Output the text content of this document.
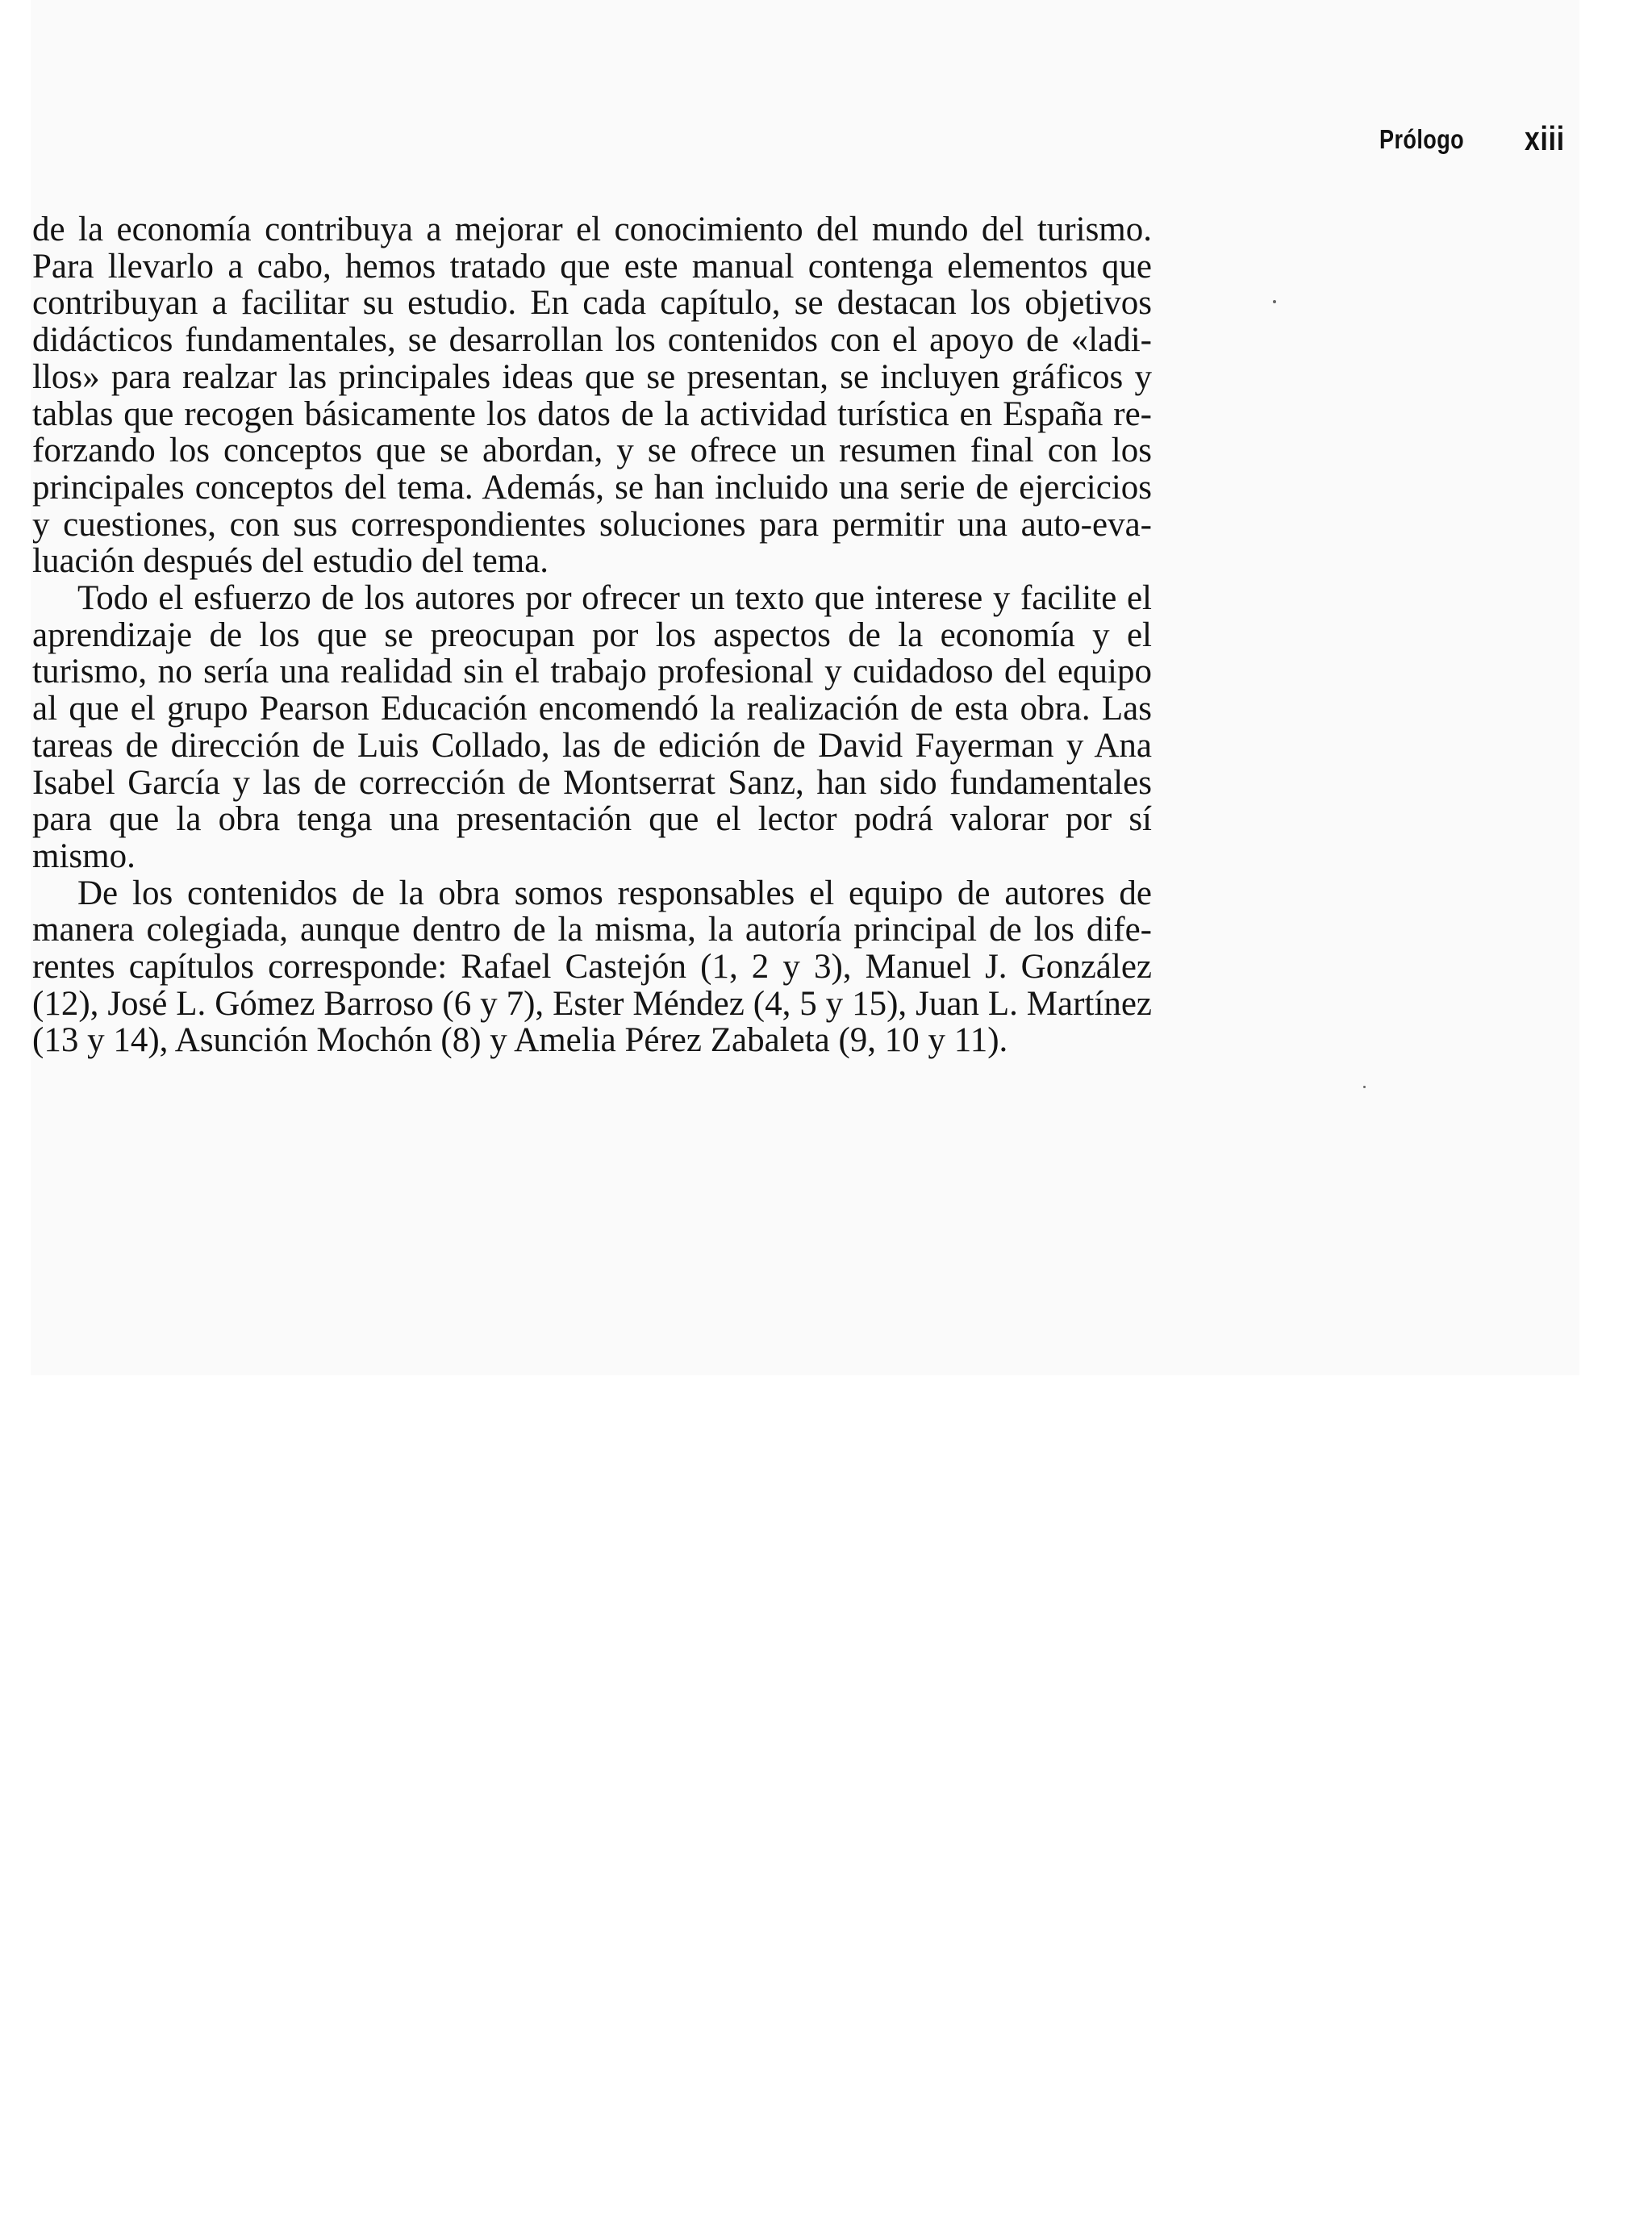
Prólogo xiii

de la economía contribuya a mejorar el conocimiento del mundo del turismo. Para llevarlo a cabo, hemos tratado que este manual contenga elementos que contribuyan a facilitar su estudio. En cada capítulo, se destacan los objetivos didácticos fundamentales, se desarrollan los contenidos con el apoyo de «ladillos» para realzar las principales ideas que se presentan, se incluyen gráficos y tablas que recogen básicamente los datos de la actividad turística en España reforzando los conceptos que se abordan, y se ofrece un resumen final con los principales conceptos del tema. Además, se han incluido una serie de ejercicios y cuestiones, con sus correspondientes soluciones para permitir una auto-evaluación después del estudio del tema.

Todo el esfuerzo de los autores por ofrecer un texto que interese y facilite el aprendizaje de los que se preocupan por los aspectos de la economía y el turismo, no sería una realidad sin el trabajo profesional y cuidadoso del equipo al que el grupo Pearson Educación encomendó la realización de esta obra. Las tareas de dirección de Luis Collado, las de edición de David Fayerman y Ana Isabel García y las de corrección de Montserrat Sanz, han sido fundamentales para que la obra tenga una presentación que el lector podrá valorar por sí mismo.

De los contenidos de la obra somos responsables el equipo de autores de manera colegiada, aunque dentro de la misma, la autoría principal de los diferentes capítulos corresponde: Rafael Castejón (1, 2 y 3), Manuel J. González (12), José L. Gómez Barroso (6 y 7), Ester Méndez (4, 5 y 15), Juan L. Martínez (13 y 14), Asunción Mochón (8) y Amelia Pérez Zabaleta (9, 10 y 11).
